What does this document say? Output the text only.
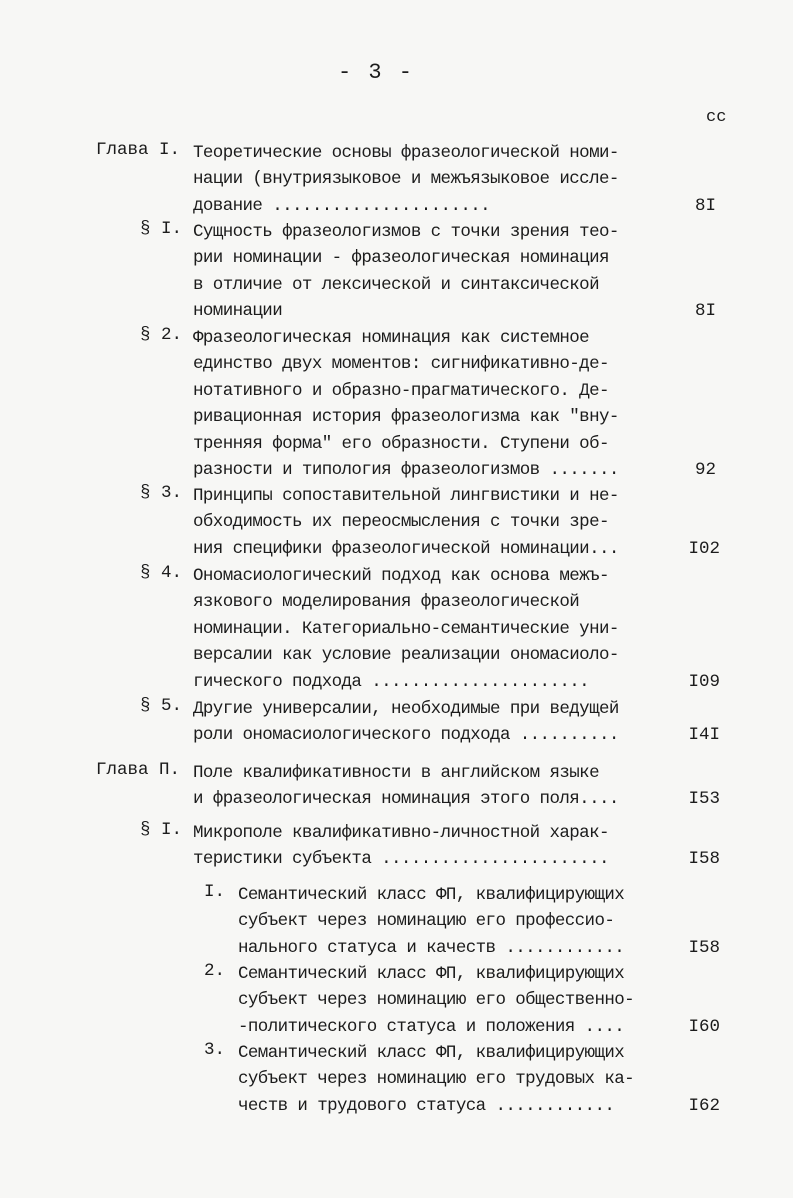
- 3 -
сс
Глава I. Теоретические основы фразеологической номи-
нации (внутриязыковое и межъязыковое иссле-
дование ......................	8I
§ I. Сущность фразеологизмов с точки зрения тео-
рии номинации - фразеологическая номинация
в отличие от лексической и синтаксической
номинации	8I
§ 2. Фразеологическая номинация как системное
единство двух моментов: сигнификативно-де-
нотативного и образно-прагматического. Де-
ривационная история фразеологизма как "вну-
тренняя форма" его образности. Ступени об-
разности и типология фразеологизмов .......	92
§ 3. Принципы сопоставительной лингвистики и не-
обходимость их переосмысления с точки зре-
ния специфики фразеологической номинации...	I02
§ 4. Ономасиологический подход как основа межъ-
язкового моделирования фразеологической
номинации. Категориально-семантические уни-
версалии как условие реализации ономасиоло-
гического подхода ......................	I09
§ 5. Другие универсалии, необходимые при ведущей
роли ономасиологического подхода ..........	I4I
Глава П. Поле квалификативности в английском языке
и фразеологическая номинация этого поля....	I53
§ I. Микрополе квалификативно-личностной харак-
теристики субъекта .......................	I58
I. Семантический класс ФП, квалифицирующих
субъект через номинацию его профессио-
нального статуса и качеств ............	I58
2. Семантический класс ФП, квалифицирующих
субъект через номинацию его общественно-
-политического статуса и положения ....	I60
3. Семантический класс ФП, квалифицирующих
субъект через номинацию его трудовых ка-
честв и трудового статуса ............	I62
